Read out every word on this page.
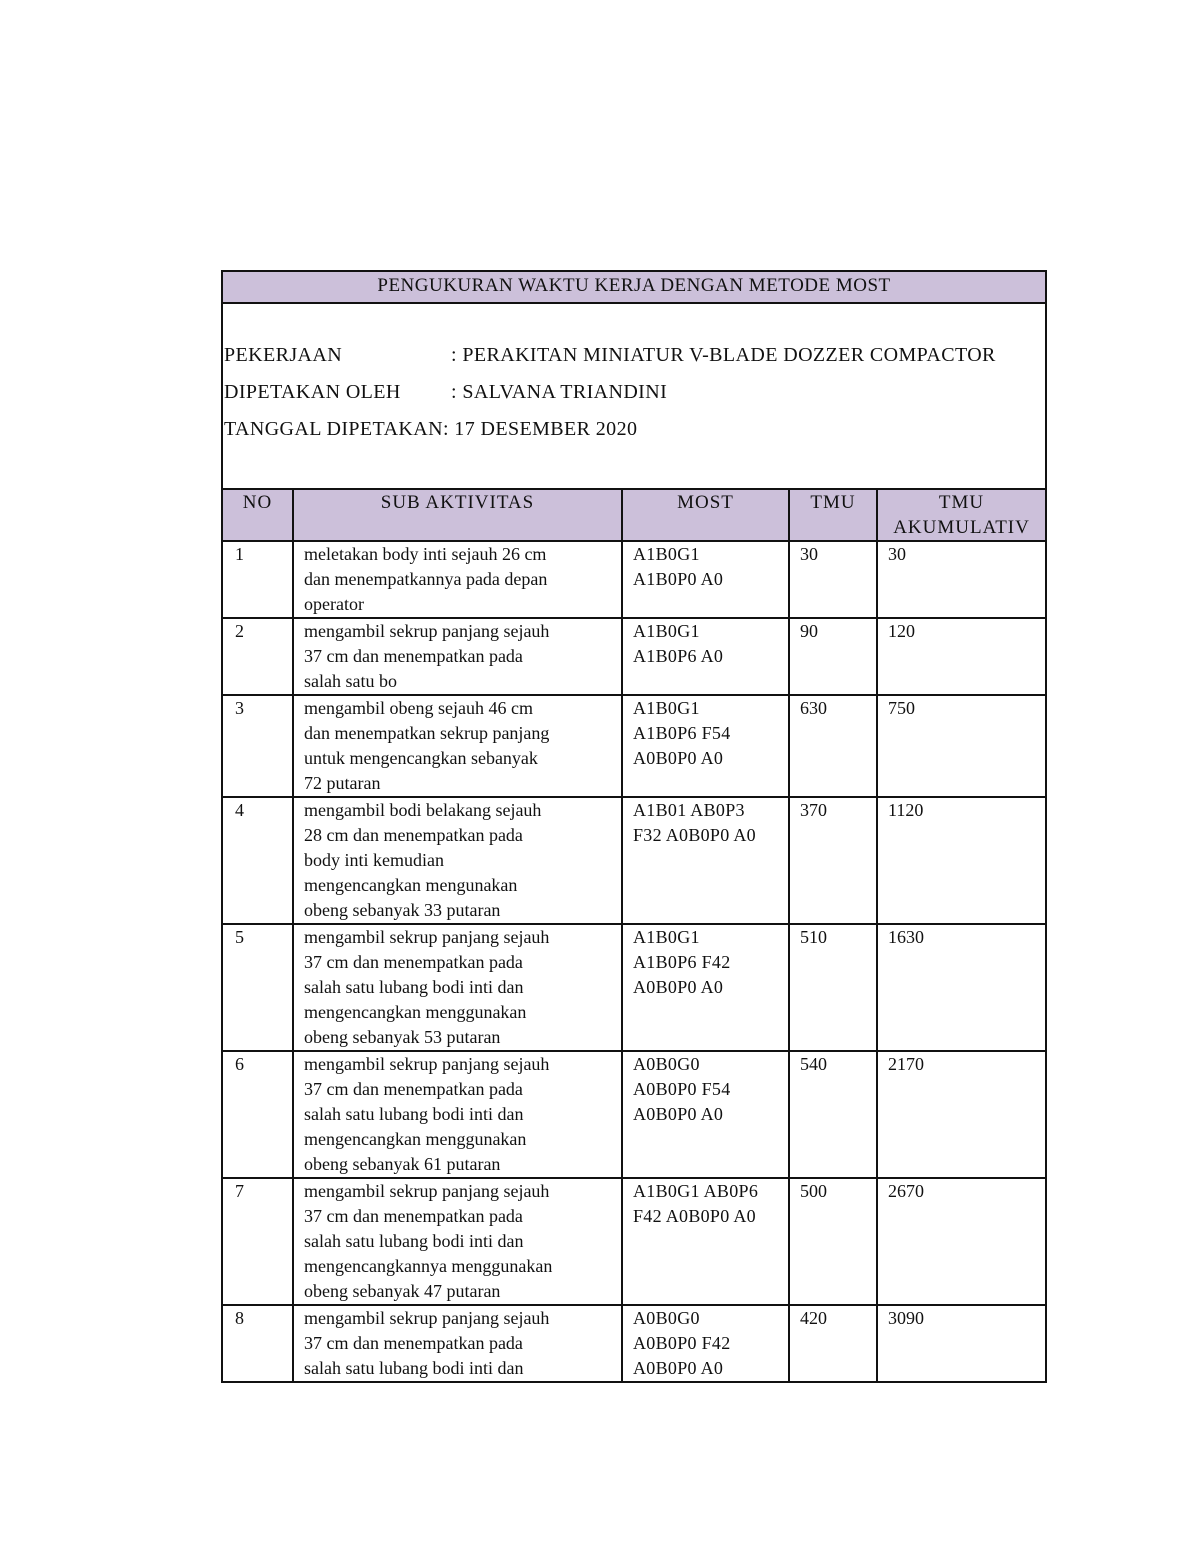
PENGUKURAN WAKTU KERJA DENGAN METODE MOST				

PEKERJAAN : PERAKITAN MINIATUR V-BLADE DOZZER COMPACTOR
DIPETAKAN OLEH : SALVANA TRIANDINI
TANGGAL DIPETAKAN: 17 DESEMBER 2020				

NO	SUB AKTIVITAS	MOST	TMU	TMU AKUMULATIV
1	meletakan body inti sejauh 26 cm
dan menempatkannya pada depan
operator	A1B0G1
A1B0P0 A0	30	30
2	mengambil sekrup panjang sejauh
37 cm dan menempatkan pada
salah satu bo	A1B0G1
A1B0P6 A0	90	120
3	mengambil obeng sejauh 46 cm
dan menempatkan sekrup panjang
untuk mengencangkan sebanyak
72 putaran	A1B0G1
A1B0P6 F54
A0B0P0 A0	630	750
4	mengambil bodi belakang sejauh
28 cm dan menempatkan pada
body inti kemudian
mengencangkan mengunakan
obeng sebanyak 33 putaran	A1B01 AB0P3
F32 A0B0P0 A0	370	1120
5	mengambil sekrup panjang sejauh
37 cm dan menempatkan pada
salah satu lubang bodi inti dan
mengencangkan menggunakan
obeng sebanyak 53 putaran	A1B0G1
A1B0P6 F42
A0B0P0 A0	510	1630
6	mengambil sekrup panjang sejauh
37 cm dan menempatkan pada
salah satu lubang bodi inti dan
mengencangkan menggunakan
obeng sebanyak 61 putaran	A0B0G0
A0B0P0 F54
A0B0P0 A0	540	2170
7	mengambil sekrup panjang sejauh
37 cm dan menempatkan pada
salah satu lubang bodi inti dan
mengencangkannya menggunakan
obeng sebanyak 47 putaran	A1B0G1 AB0P6
F42 A0B0P0 A0	500	2670
8	mengambil sekrup panjang sejauh
37 cm dan menempatkan pada
salah satu lubang bodi inti dan	A0B0G0
A0B0P0 F42
A0B0P0 A0	420	3090
